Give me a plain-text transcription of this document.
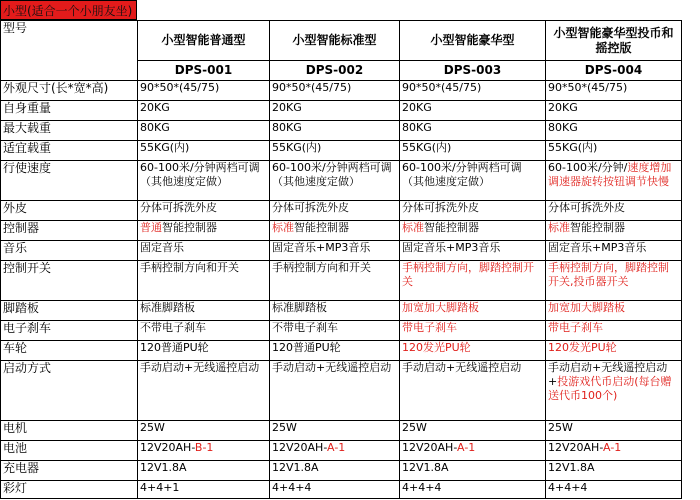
小型(适合一个小朋友坐)
型号	小型智能普通型	小型智能标准型	小型智能豪华型	小型智能豪华型投币和摇控版
	DPS-001	DPS-002	DPS-003	DPS-004
外观尺寸(长*宽*高)	90*50*(45/75)	90*50*(45/75)	90*50*(45/75)	90*50*(45/75)
自身重量	20KG	20KG	20KG	20KG
最大载重	80KG	80KG	80KG	80KG
适宜载重	55KG(内)	55KG(内)	55KG(内)	55KG(内)
行使速度	60-100米/分钟两档可调（其他速度定做）	60-100米/分钟两档可调（其他速度定做）	60-100米/分钟两档可调（其他速度定做）	60-100米/分钟/速度增加调速器旋转按钮调节快慢
外皮	分体可拆洗外皮	分体可拆洗外皮	分体可拆洗外皮	分体可拆洗外皮
控制器	普通智能控制器	标准智能控制器	标准智能控制器	标准智能控制器
音乐	固定音乐	固定音乐+MP3音乐	固定音乐+MP3音乐	固定音乐+MP3音乐
控制开关	手柄控制方向和开关	手柄控制方向和开关	手柄控制方向，脚踏控制开关	手柄控制方向，脚踏控制开关,投币器开关
脚踏板	标准脚踏板	标准脚踏板	加宽加大脚踏板	加宽加大脚踏板
电子刹车	不带电子刹车	不带电子刹车	带电子刹车	带电子刹车
车轮	120普通PU轮	120普通PU轮	120发光PU轮	120发光PU轮
启动方式	手动启动+无线遥控启动	手动启动+无线遥控启动	手动启动+无线遥控启动	手动启动+无线遥控启动+投游戏代币启动(每台赠送代币100个)
电机	25W	25W	25W	25W
电池	12V20AH-B-1	12V20AH-A-1	12V20AH-A-1	12V20AH-A-1
充电器	12V1.8A	12V1.8A	12V1.8A	12V1.8A
彩灯	4+4+1	4+4+4	4+4+4	4+4+4
